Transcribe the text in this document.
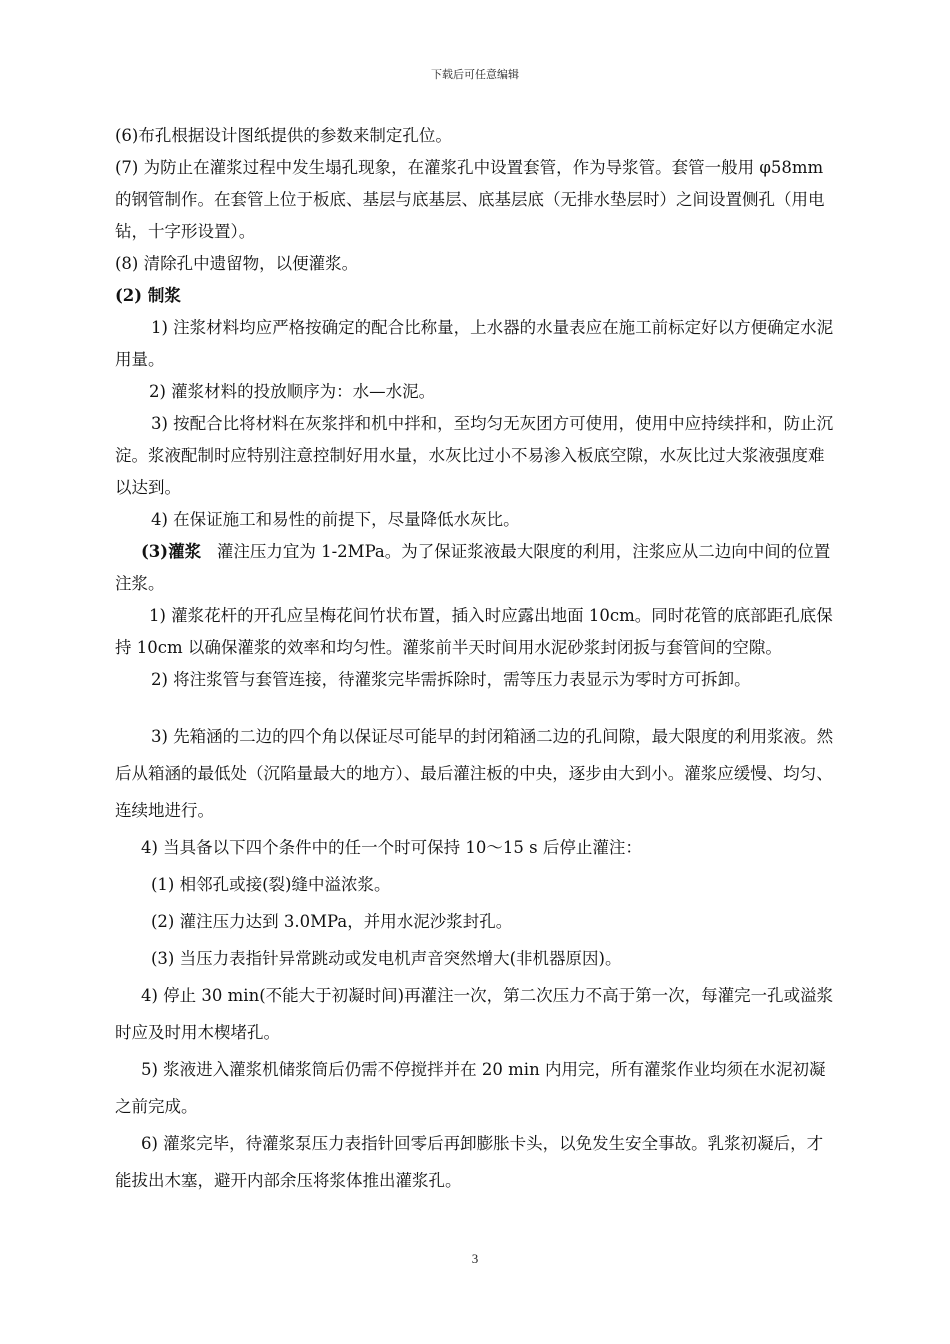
下载后可任意编辑

(6)布孔根据设计图纸提供的参数来制定孔位。

(7) 为防止在灌浆过程中发生塌孔现象，在灌浆孔中设置套管，作为导浆管。套管一般用 φ58mm 的钢管制作。在套管上位于板底、基层与底基层、底基层底（无排水垫层时）之间设置侧孔（用电钻，十字形设置）。

(8) 清除孔中遗留物，以便灌浆。

(2) 制浆

1) 注浆材料均应严格按确定的配合比称量，上水器的水量表应在施工前标定好以方便确定水泥用量。

2) 灌浆材料的投放顺序为：水—水泥。

3) 按配合比将材料在灰浆拌和机中拌和，至均匀无灰团方可使用，使用中应持续拌和，防止沉淀。浆液配制时应特别注意控制好用水量，水灰比过小不易渗入板底空隙，水灰比过大浆液强度难以达到。

4) 在保证施工和易性的前提下，尽量降低水灰比。

(3)灌浆 灌注压力宜为 1-2MPa。为了保证浆液最大限度的利用，注浆应从二边向中间的位置注浆。

1) 灌浆花杆的开孔应呈梅花间竹状布置，插入时应露出地面 10cm。同时花管的底部距孔底保持 10cm 以确保灌浆的效率和均匀性。灌浆前半天时间用水泥砂浆封闭扳与套管间的空隙。

2) 将注浆管与套管连接，待灌浆完毕需拆除时，需等压力表显示为零时方可拆卸。

3) 先箱涵的二边的四个角以保证尽可能早的封闭箱涵二边的孔间隙，最大限度的利用浆液。然后从箱涵的最低处（沉陷量最大的地方）、最后灌注板的中央，逐步由大到小。灌浆应缓慢、均匀、连续地进行。

4) 当具备以下四个条件中的任一个时可保持 10～15 s 后停止灌注：

(1) 相邻孔或接(裂)缝中溢浓浆。

(2) 灌注压力达到 3.0MPa，并用水泥沙浆封孔。

(3) 当压力表指针异常跳动或发电机声音突然增大(非机器原因)。

4) 停止 30 min(不能大于初凝时间)再灌注一次，第二次压力不高于第一次，每灌完一孔或溢浆时应及时用木楔堵孔。

5) 浆液进入灌浆机储浆筒后仍需不停搅拌并在 20 min 内用完，所有灌浆作业均须在水泥初凝之前完成。

6) 灌浆完毕，待灌浆泵压力表指针回零后再卸膨胀卡头，以免发生安全事故。乳浆初凝后，才能拔出木塞，避开内部余压将浆体推出灌浆孔。

3
